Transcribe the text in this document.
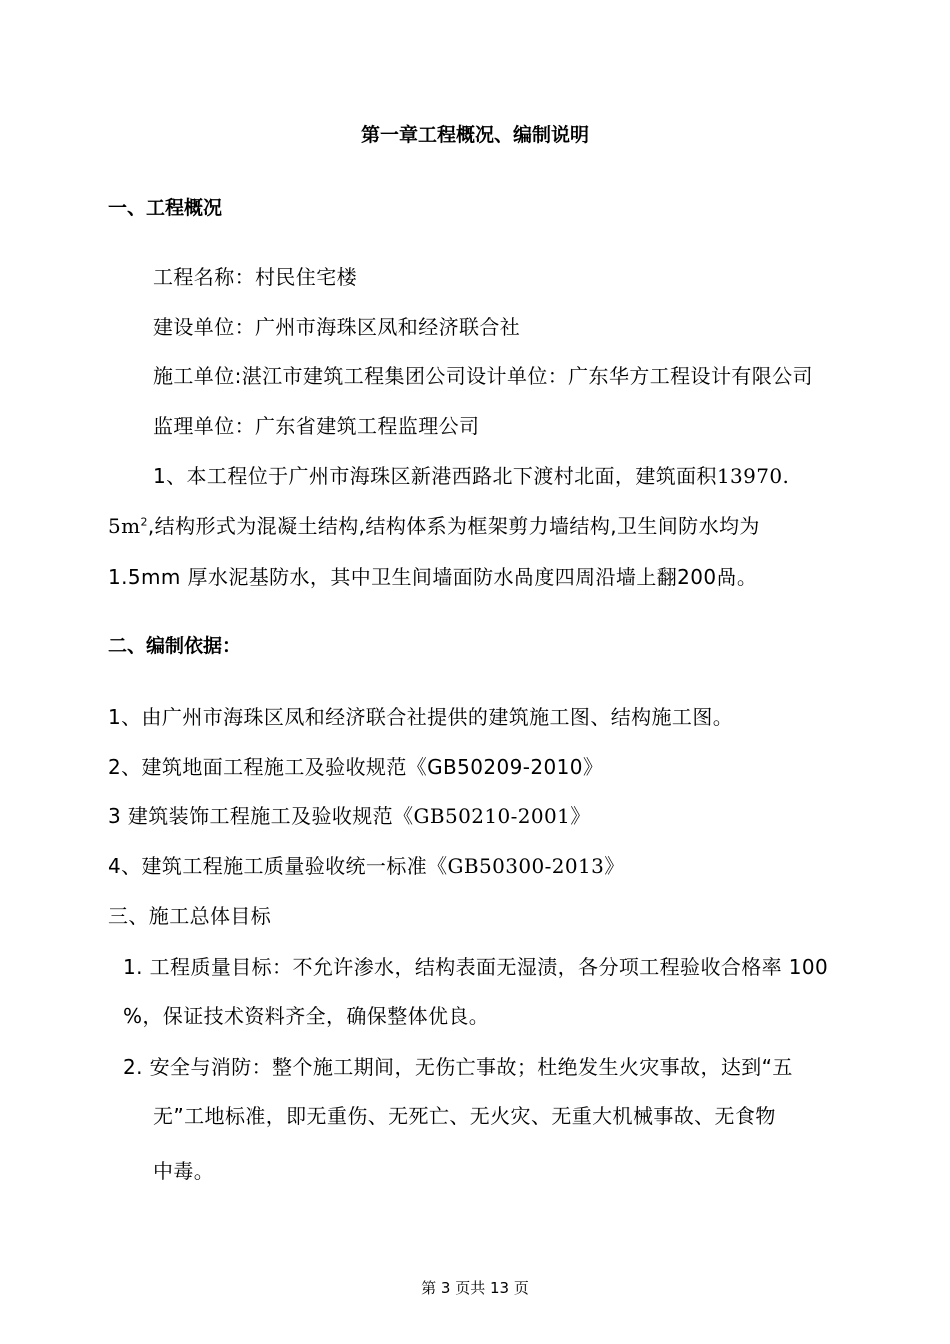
第一章工程概况、编制说明
一、工程概况
工程名称：村民住宅楼
建设单位：广州市海珠区凤和经济联合社
施工单位:湛江市建筑工程集团公司设计单位：广东华方工程设计有限公司
监理单位：广东省建筑工程监理公司
1、本工程位于广州市海珠区新港西路北下渡村北面，建筑面积13970.
$5m^2$,结构形式为混凝土结构,结构体系为框架剪力墙结构,卫生间防水均为
1.5mm 厚水泥基防水，其中卫生间墙面防水咼度四周沿墙上翻200咼。
二、编制依据：
1、由广州市海珠区凤和经济联合社提供的建筑施工图、结构施工图。
2、建筑地面工程施工及验收规范《GB50209-2010》
3 建筑装饰工程施工及验收规范《GB50210-2001》
4、建筑工程施工质量验收统一标准《GB50300-2013》
三、施工总体目标
1. 工程质量目标：不允许渗水，结构表面无湿渍，各分项工程验收合格率 100
%，保证技术资料齐全，确保整体优良。
2. 安全与消防：整个施工期间，无伤亡事故；杜绝发生火灾事故，达到“五
无”工地标准，即无重伤、无死亡、无火灾、无重大机械事故、无食物
中毒。
第 3 页共 13 页
